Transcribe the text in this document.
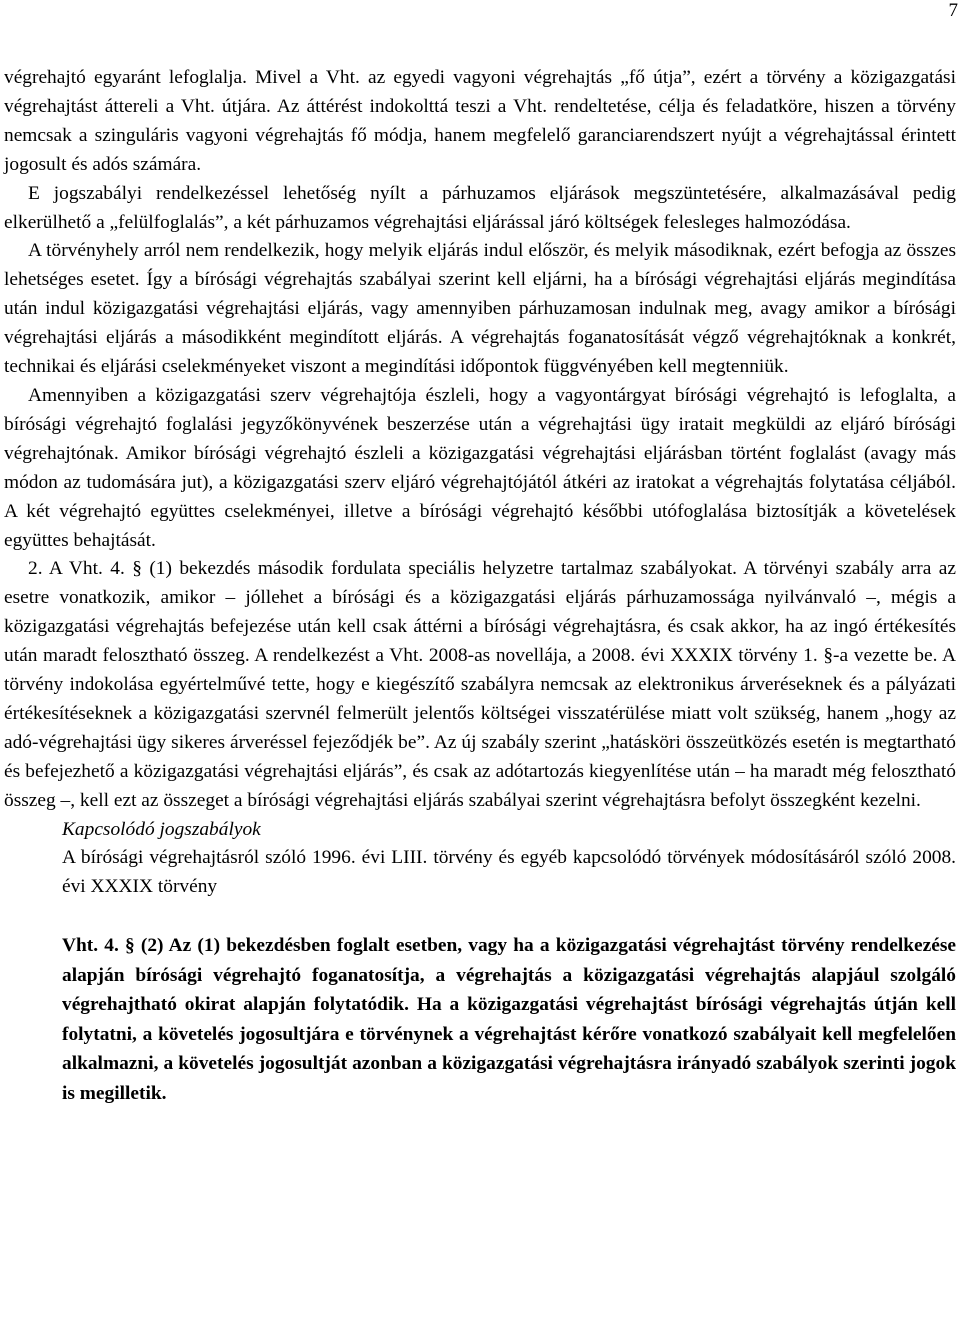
7

végrehajtó egyaránt lefoglalja. Mivel a Vht. az egyedi vagyoni végrehajtás „fő útja”, ezért a törvény a közigazgatási végrehajtást áttereli a Vht. útjára. Az áttérést indokolttá teszi a Vht. rendeltetése, célja és feladatköre, hiszen a törvény nemcsak a szinguláris vagyoni végrehajtás fő módja, hanem megfelelő garanciarendszert nyújt a végrehajtással érintett jogosult és adós számára.

E jogszabályi rendelkezéssel lehetőség nyílt a párhuzamos eljárások megszüntetésére, alkalmazásával pedig elkerülhető a „felülfoglalás”, a két párhuzamos végrehajtási eljárással járó költségek felesleges halmozódása.

A törvényhely arról nem rendelkezik, hogy melyik eljárás indul először, és melyik másodiknak, ezért befogja az összes lehetséges esetet. Így a bírósági végrehajtás szabályai szerint kell eljárni, ha a bírósági végrehajtási eljárás megindítása után indul közigazgatási végrehajtási eljárás, vagy amennyiben párhuzamosan indulnak meg, avagy amikor a bírósági végrehajtási eljárás a másodikként megindított eljárás. A végrehajtás foganatosítását végző végrehajtóknak a konkrét, technikai és eljárási cselekményeket viszont a megindítási időpontok függvényében kell megtenniük.

Amennyiben a közigazgatási szerv végrehajtója észleli, hogy a vagyontárgyat bírósági végrehajtó is lefoglalta, a bírósági végrehajtó foglalási jegyzőkönyvének beszerzése után a végrehajtási ügy iratait megküldi az eljáró bírósági végrehajtónak. Amikor bírósági végrehajtó észleli a közigazgatási végrehajtási eljárásban történt foglalást (avagy más módon az tudomására jut), a közigazgatási szerv eljáró végrehajtójától átkéri az iratokat a végrehajtás folytatása céljából. A két végrehajtó együttes cselekményei, illetve a bírósági végrehajtó későbbi utófoglalása biztosítják a követelések együttes behajtását.

2. A Vht. 4. § (1) bekezdés második fordulata speciális helyzetre tartalmaz szabályokat. A törvényi szabály arra az esetre vonatkozik, amikor – jóllehet a bírósági és a közigazgatási eljárás párhuzamossága nyilvánvaló –, mégis a közigazgatási végrehajtás befejezése után kell csak áttérni a bírósági végrehajtásra, és csak akkor, ha az ingó értékesítés után maradt felosztható összeg. A rendelkezést a Vht. 2008-as novellája, a 2008. évi XXXIX törvény 1. §-a vezette be. A törvény indokolása egyértelművé tette, hogy e kiegészítő szabályra nemcsak az elektronikus árveréseknek és a pályázati értékesítéseknek a közigazgatási szervnél felmerült jelentős költségei visszatérülése miatt volt szükség, hanem „hogy az adó-végrehajtási ügy sikeres árveréssel fejeződjék be”. Az új szabály szerint „hatásköri összeütközés esetén is megtartható és befejezhető a közigazgatási végrehajtási eljárás”, és csak az adótartozás kiegyenlítése után – ha maradt még felosztható összeg –, kell ezt az összeget a bírósági végrehajtási eljárás szabályai szerint végrehajtásra befolyt összegként kezelni.

Kapcsolódó jogszabályok

A bírósági végrehajtásról szóló 1996. évi LIII. törvény és egyéb kapcsolódó törvények módosításáról szóló 2008. évi XXXIX törvény

Vht. 4. § (2) Az (1) bekezdésben foglalt esetben, vagy ha a közigazgatási végrehajtást törvény rendelkezése alapján bírósági végrehajtó foganatosítja, a végrehajtás a közigazgatási végrehajtás alapjául szolgáló végrehajtható okirat alapján folytatódik. Ha a közigazgatási végrehajtást bírósági végrehajtás útján kell folytatni, a követelés jogosultjára e törvénynek a végrehajtást kérőre vonatkozó szabályait kell megfelelően alkalmazni, a követelés jogosultját azonban a közigazgatási végrehajtásra irányadó szabályok szerinti jogok is megilletik.
